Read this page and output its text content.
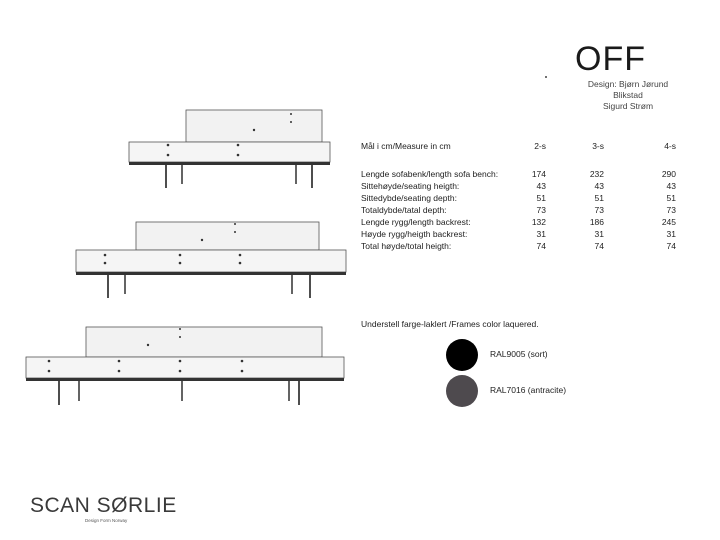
OFF
Design: Bjørn Jørund Blikstad
Sigurd Strøm
Mål i cm/Measure in cm	2-s	3-s	4-s
Lengde sofabenk/length sofa bench:	174	232	290
Sittehøyde/seating heigth:	43	43	43
Sittedybde/seating depth:	51	51	51
Totaldybde/tatal depth:	73	73	73
Lengde rygg/length backrest:	132	186	245
Høyde rygg/heigth backrest:	31	31	31
Total høyde/total heigth:	74	74	74
Understell farge-laklert /Frames color laquered.
RAL9005 (sort)
RAL7016 (antracite)
SCAN SØRLIE
Design Form Norway
